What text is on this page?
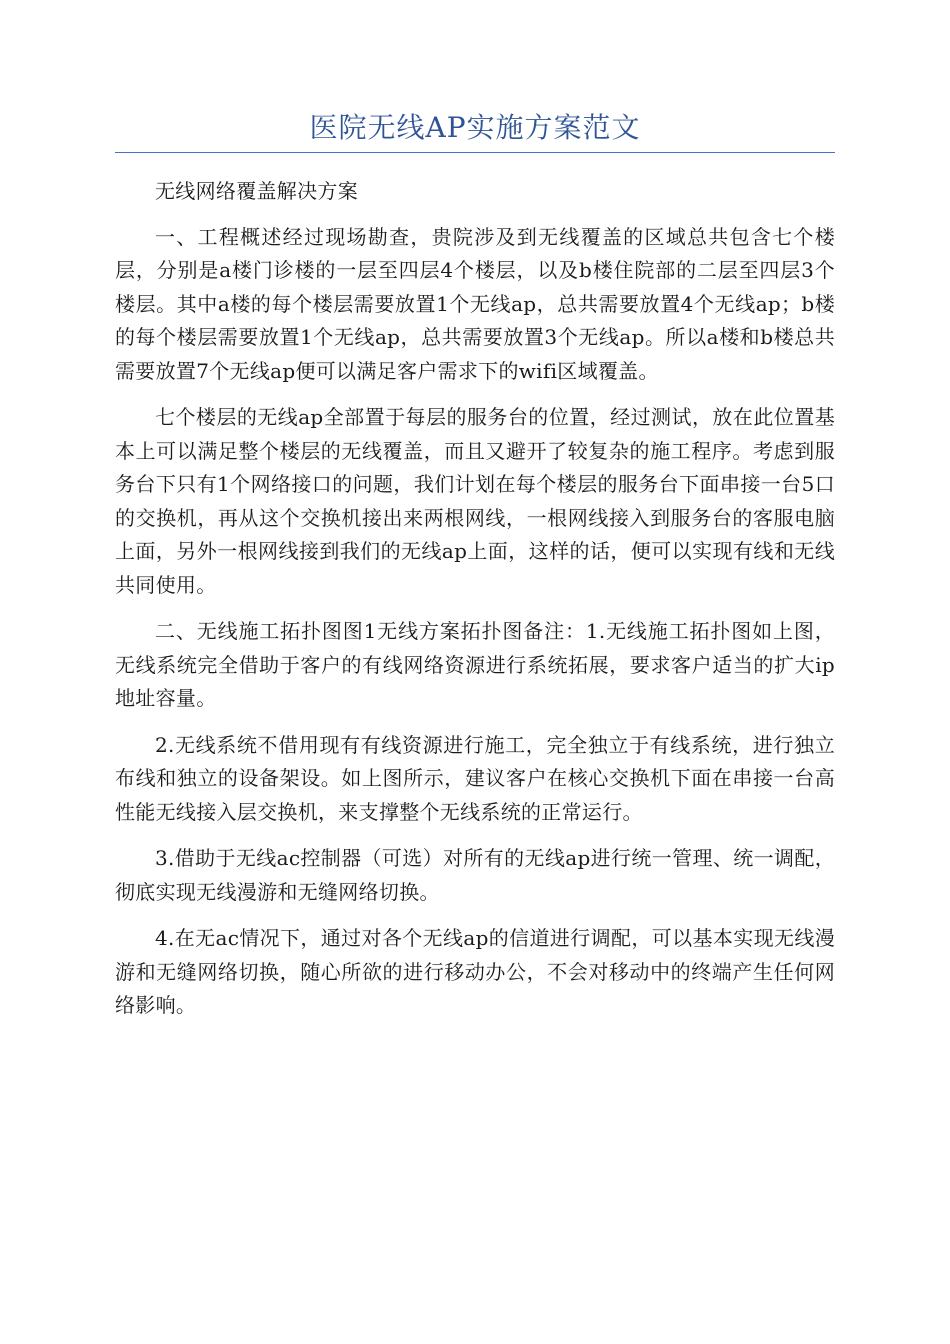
医院无线AP实施方案范文

无线网络覆盖解决方案

一、工程概述经过现场勘查，贵院涉及到无线覆盖的区域总共包含七个楼层，分别是a楼门诊楼的一层至四层4个楼层，以及b楼住院部的二层至四层3个楼层。其中a楼的每个楼层需要放置1个无线ap，总共需要放置4个无线ap；b楼的每个楼层需要放置1个无线ap，总共需要放置3个无线ap。所以a楼和b楼总共需要放置7个无线ap便可以满足客户需求下的wifi区域覆盖。

七个楼层的无线ap全部置于每层的服务台的位置，经过测试，放在此位置基本上可以满足整个楼层的无线覆盖，而且又避开了较复杂的施工程序。考虑到服务台下只有1个网络接口的问题，我们计划在每个楼层的服务台下面串接一台5口的交换机，再从这个交换机接出来两根网线，一根网线接入到服务台的客服电脑上面，另外一根网线接到我们的无线ap上面，这样的话，便可以实现有线和无线共同使用。

二、无线施工拓扑图图1无线方案拓扑图备注：1.无线施工拓扑图如上图，无线系统完全借助于客户的有线网络资源进行系统拓展，要求客户适当的扩大ip地址容量。

2.无线系统不借用现有有线资源进行施工，完全独立于有线系统，进行独立布线和独立的设备架设。如上图所示，建议客户在核心交换机下面在串接一台高性能无线接入层交换机，来支撑整个无线系统的正常运行。

3.借助于无线ac控制器（可选）对所有的无线ap进行统一管理、统一调配，彻底实现无线漫游和无缝网络切换。

4.在无ac情况下，通过对各个无线ap的信道进行调配，可以基本实现无线漫游和无缝网络切换，随心所欲的进行移动办公，不会对移动中的终端产生任何网络影响。
